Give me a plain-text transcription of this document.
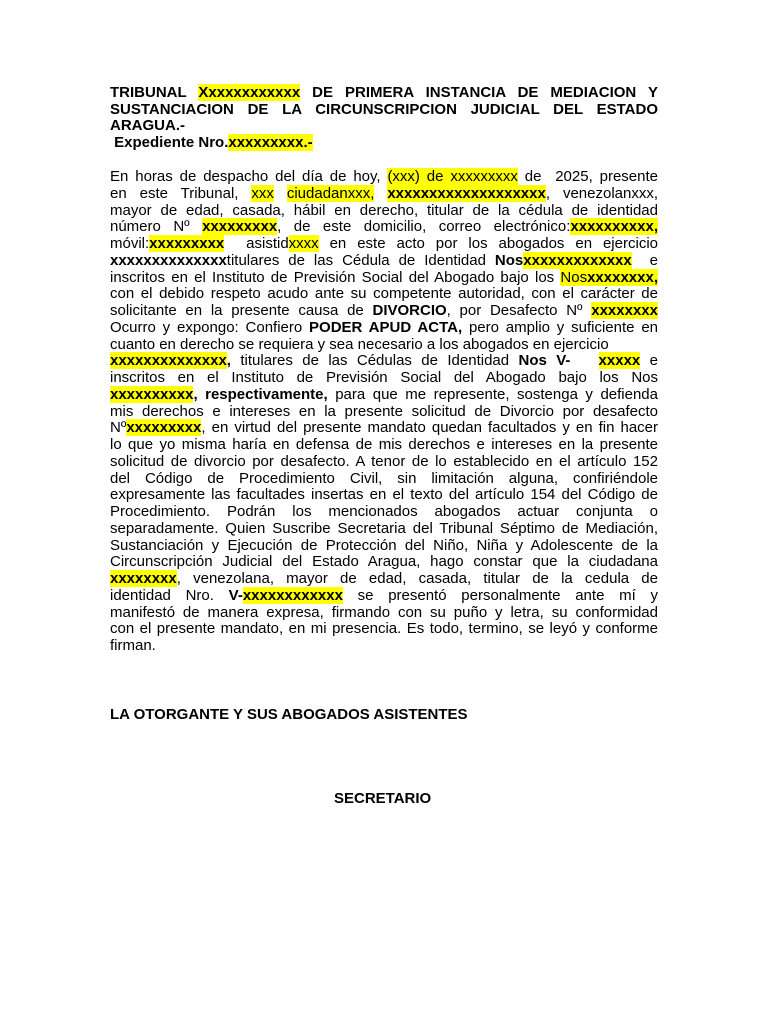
TRIBUNAL Xxxxxxxxxxxx DE PRIMERA INSTANCIA DE MEDIACION Y
SUSTANCIACION DE LA CIRCUNSCRIPCION JUDICIAL DEL ESTADO
ARAGUA.-
Expediente Nro.xxxxxxxxx.-
En horas de despacho del día de hoy, (xxx) de xxxxxxxxx de  2025, presente
en este Tribunal, xxx ciudadanxxx, xxxxxxxxxxxxxxxxxxx, venezolanxxx,
mayor de edad, casada, hábil en derecho, titular de la cédula de identidad
número Nº xxxxxxxxx, de este domicilio, correo electrónico:xxxxxxxxxx,
móvil:xxxxxxxxx  asistidxxxx en este acto por los abogados en ejercicio
xxxxxxxxxxxxxxtitulares de las Cédula de Identidad Nosxxxxxxxxxxxxx  e
inscritos en el Instituto de Previsión Social del Abogado bajo los Nosxxxxxxxx,
con el debido respeto acudo ante su competente autoridad, con el carácter de
solicitante en la presente causa de DIVORCIO, por Desafecto Nº xxxxxxxx
Ocurro y expongo: Confiero PODER APUD ACTA, pero amplio y suficiente en
cuanto en derecho se requiera y sea necesario a los abogados en ejercicio
xxxxxxxxxxxxxx, titulares de las Cédulas de Identidad Nos V- xxxxx e
inscritos en el Instituto de Previsión Social del Abogado bajo los Nos
xxxxxxxxxx, respectivamente, para que me represente, sostenga y defienda
mis derechos e intereses en la presente solicitud de Divorcio por desafecto
Nºxxxxxxxxx, en virtud del presente mandato quedan facultados y en fin hacer
lo que yo misma haría en defensa de mis derechos e intereses en la presente
solicitud de divorcio por desafecto. A tenor de lo establecido en el artículo 152
del Código de Procedimiento Civil, sin limitación alguna, confiriéndole
expresamente las facultades insertas en el texto del artículo 154 del Código de
Procedimiento. Podrán los mencionados abogados actuar conjunta o
separadamente. Quien Suscribe Secretaria del Tribunal Séptimo de Mediación,
Sustanciación y Ejecución de Protección del Niño, Niña y Adolescente de la
Circunscripción Judicial del Estado Aragua, hago constar que la ciudadana
xxxxxxxx, venezolana, mayor de edad, casada, titular de la cedula de
identidad Nro. V-xxxxxxxxxxxx se presentó personalmente ante mí y
manifestó de manera expresa, firmando con su puño y letra, su conformidad
con el presente mandato, en mi presencia. Es todo, termino, se leyó y conforme
firman.
LA OTORGANTE Y SUS ABOGADOS ASISTENTES
SECRETARIO
